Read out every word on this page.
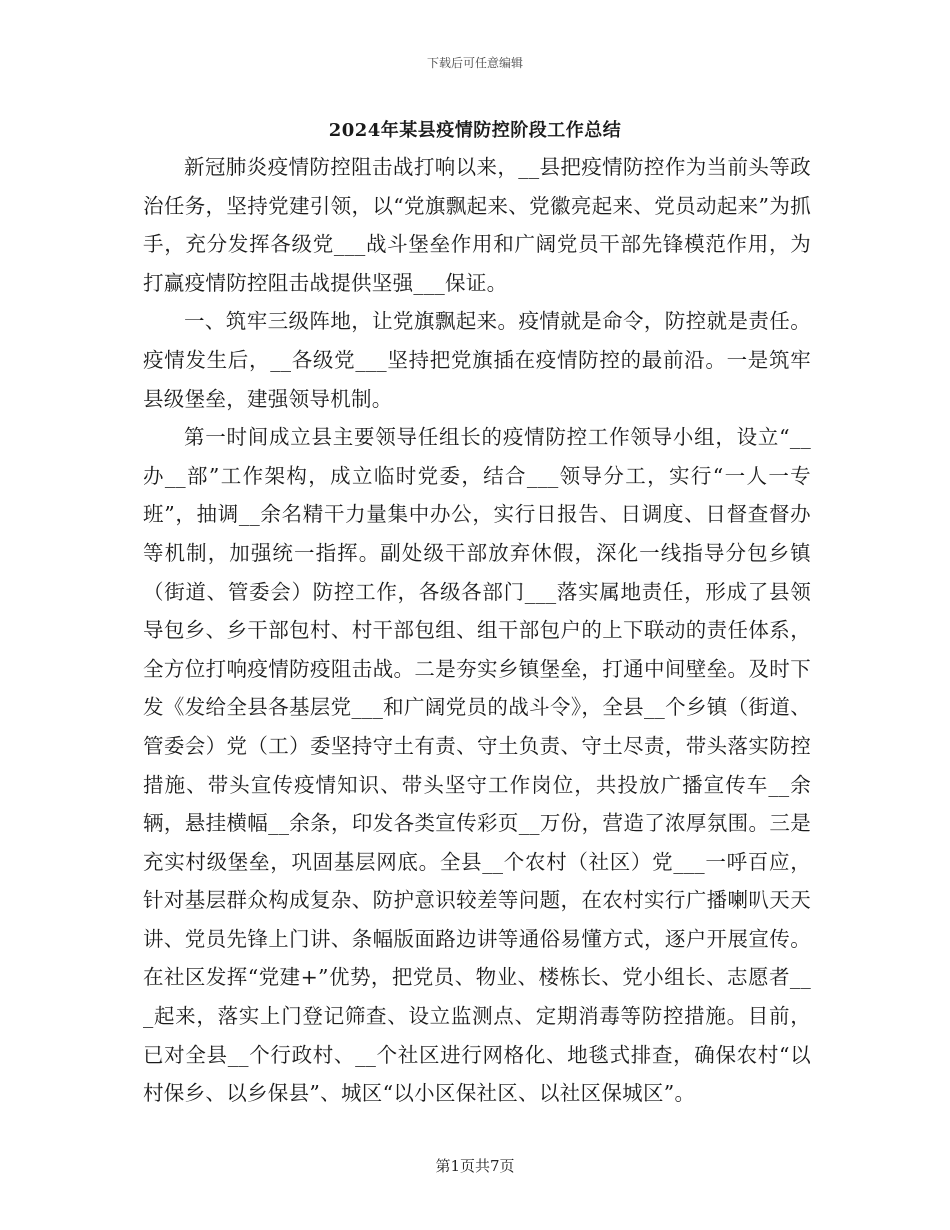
下载后可任意编辑
2024年某县疫情防控阶段工作总结

新冠肺炎疫情防控阻击战打响以来，__县把疫情防控作为当前头等政治任务，坚持党建引领，以“党旗飘起来、党徽亮起来、党员动起来”为抓手，充分发挥各级党___战斗堡垒作用和广阔党员干部先锋模范作用，为打赢疫情防控阻击战提供坚强___保证。

一、筑牢三级阵地，让党旗飘起来。疫情就是命令，防控就是责任。疫情发生后，__各级党___坚持把党旗插在疫情防控的最前沿。一是筑牢县级堡垒，建强领导机制。

第一时间成立县主要领导任组长的疫情防控工作领导小组，设立“__办__部”工作架构，成立临时党委，结合___领导分工，实行“一人一专班”，抽调__余名精干力量集中办公，实行日报告、日调度、日督查督办等机制，加强统一指挥。副处级干部放弃休假，深化一线指导分包乡镇（街道、管委会）防控工作，各级各部门___落实属地责任，形成了县领导包乡、乡干部包村、村干部包组、组干部包户的上下联动的责任体系，全方位打响疫情防疫阻击战。二是夯实乡镇堡垒，打通中间壁垒。及时下发《发给全县各基层党___和广阔党员的战斗令》，全县__个乡镇（街道、管委会）党（工）委坚持守土有责、守土负责、守土尽责，带头落实防控措施、带头宣传疫情知识、带头坚守工作岗位，共投放广播宣传车__余辆，悬挂横幅__余条，印发各类宣传彩页__万份，营造了浓厚氛围。三是充实村级堡垒，巩固基层网底。全县__个农村（社区）党___一呼百应，针对基层群众构成复杂、防护意识较差等问题，在农村实行广播喇叭天天讲、党员先锋上门讲、条幅版面路边讲等通俗易懂方式，逐户开展宣传。在社区发挥“党建+”优势，把党员、物业、楼栋长、党小组长、志愿者___起来，落实上门登记筛查、设立监测点、定期消毒等防控措施。目前，已对全县__个行政村、__个社区进行网格化、地毯式排查，确保农村“以村保乡、以乡保县”、城区“以小区保社区、以社区保城区”。

第1页共7页
